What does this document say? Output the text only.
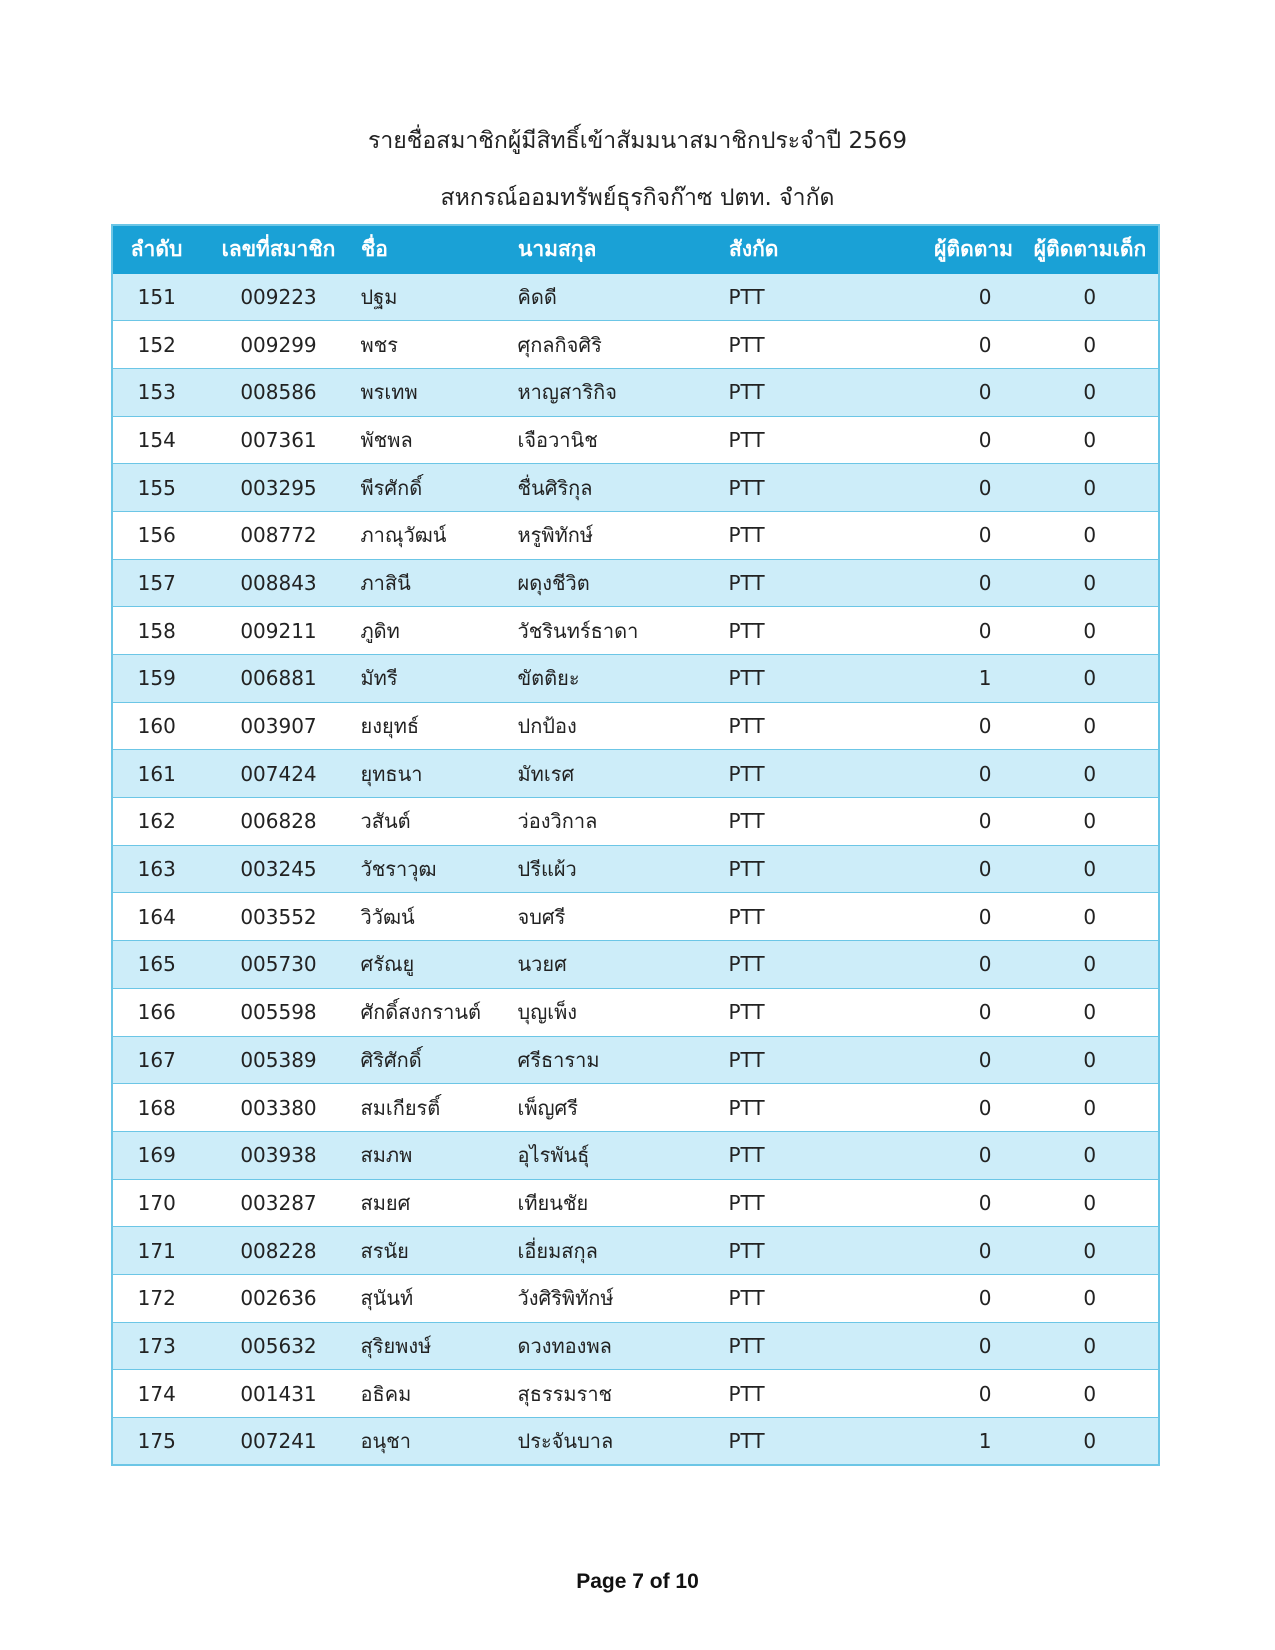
รายชื่อสมาชิกผู้มีสิทธิ์เข้าสัมมนาสมาชิกประจำปี 2569
สหกรณ์ออมทรัพย์ธุรกิจก๊าซ ปตท. จำกัด
ลำดับ	เลขที่สมาชิก	ชื่อ	นามสกุล	สังกัด	ผู้ติดตาม	ผู้ติดตามเด็ก
151	009223	ปฐม	คิดดี	PTT	0	0
152	009299	พชร	ศุกลกิจศิริ	PTT	0	0
153	008586	พรเทพ	หาญสาริกิจ	PTT	0	0
154	007361	พัชพล	เจือวานิช	PTT	0	0
155	003295	พีรศักดิ์	ชื่นศิริกุล	PTT	0	0
156	008772	ภาณุวัฒน์	หรูพิทักษ์	PTT	0	0
157	008843	ภาสินี	ผดุงชีวิต	PTT	0	0
158	009211	ภูดิท	วัชรินทร์ธาดา	PTT	0	0
159	006881	มัทรี	ขัตติยะ	PTT	1	0
160	003907	ยงยุทธ์	ปกป้อง	PTT	0	0
161	007424	ยุทธนา	มัทเรศ	PTT	0	0
162	006828	วสันต์	ว่องวิกาล	PTT	0	0
163	003245	วัชราวุฒ	ปรีแผ้ว	PTT	0	0
164	003552	วิวัฒน์	จบศรี	PTT	0	0
165	005730	ศรัณยู	นวยศ	PTT	0	0
166	005598	ศักดิ์สงกรานต์	บุญเพ็ง	PTT	0	0
167	005389	ศิริศักดิ์	ศรีธาราม	PTT	0	0
168	003380	สมเกียรติ์	เพ็ญศรี	PTT	0	0
169	003938	สมภพ	อุไรพันธุ์	PTT	0	0
170	003287	สมยศ	เทียนชัย	PTT	0	0
171	008228	สรนัย	เอี่ยมสกุล	PTT	0	0
172	002636	สุนันท์	วังศิริพิทักษ์	PTT	0	0
173	005632	สุริยพงษ์	ดวงทองพล	PTT	0	0
174	001431	อธิคม	สุธรรมราช	PTT	0	0
175	007241	อนุชา	ประจันบาล	PTT	1	0
Page 7 of 10
